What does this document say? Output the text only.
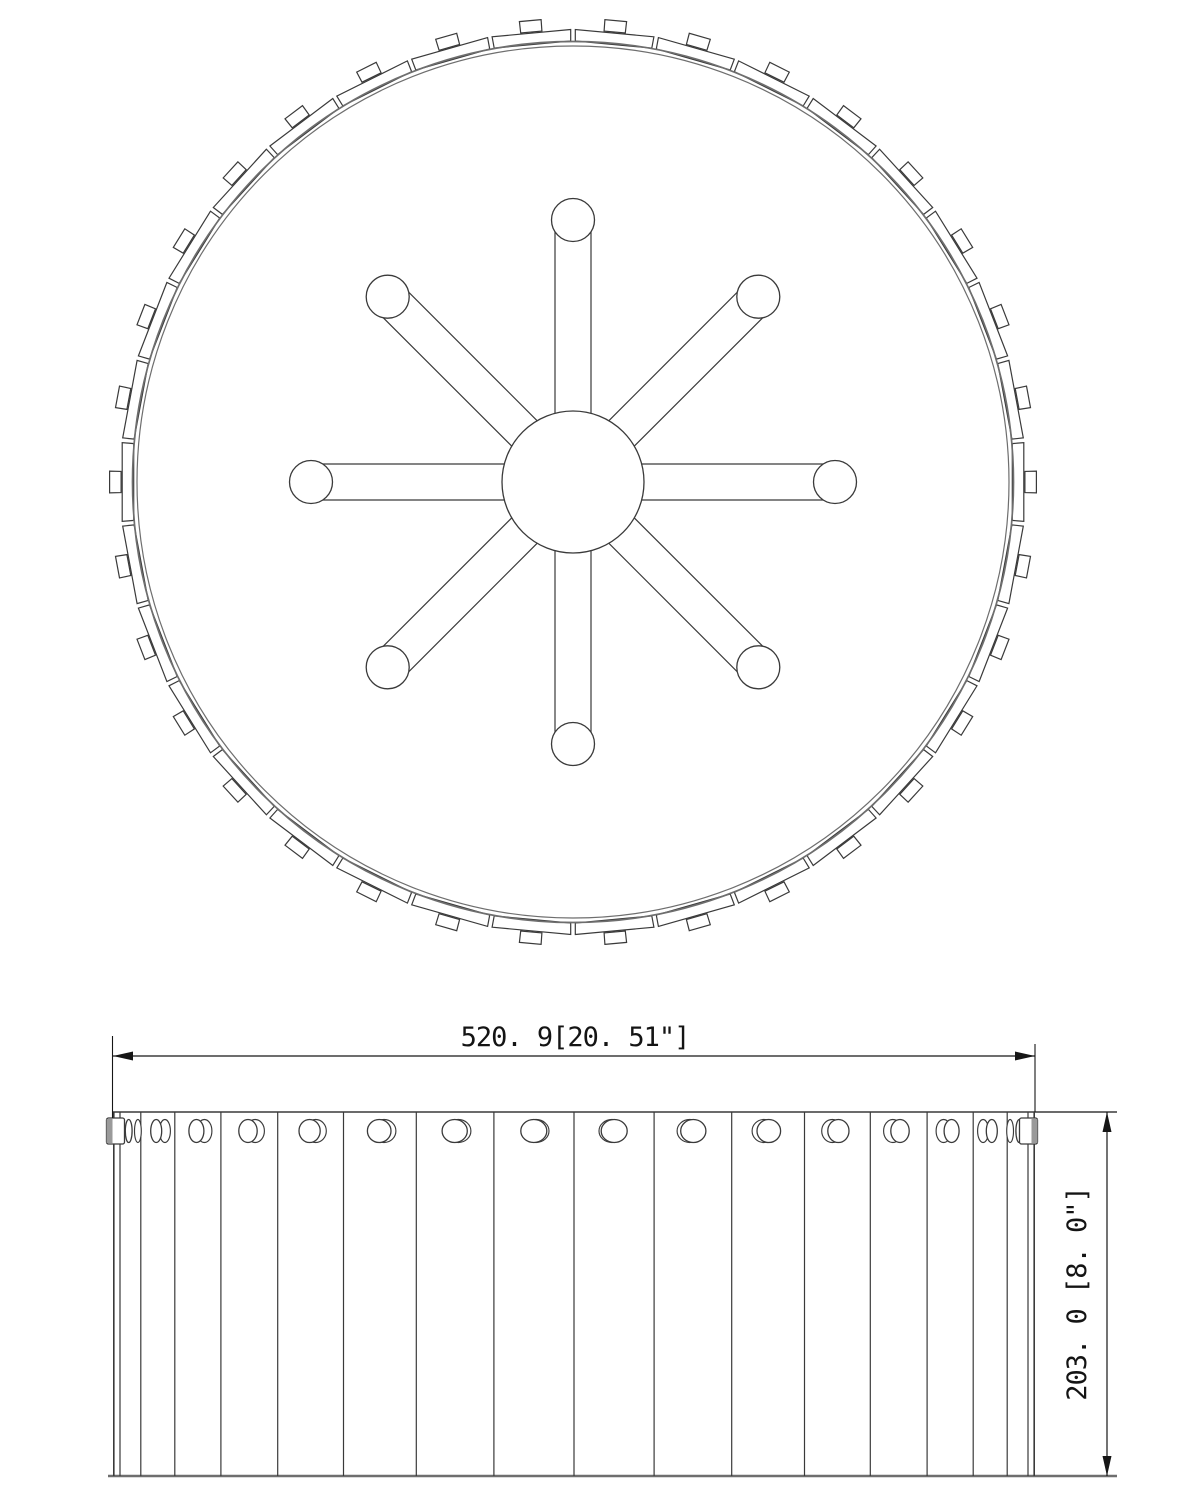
520. 9[20. 51"]
203. 0 [8. 0"]
